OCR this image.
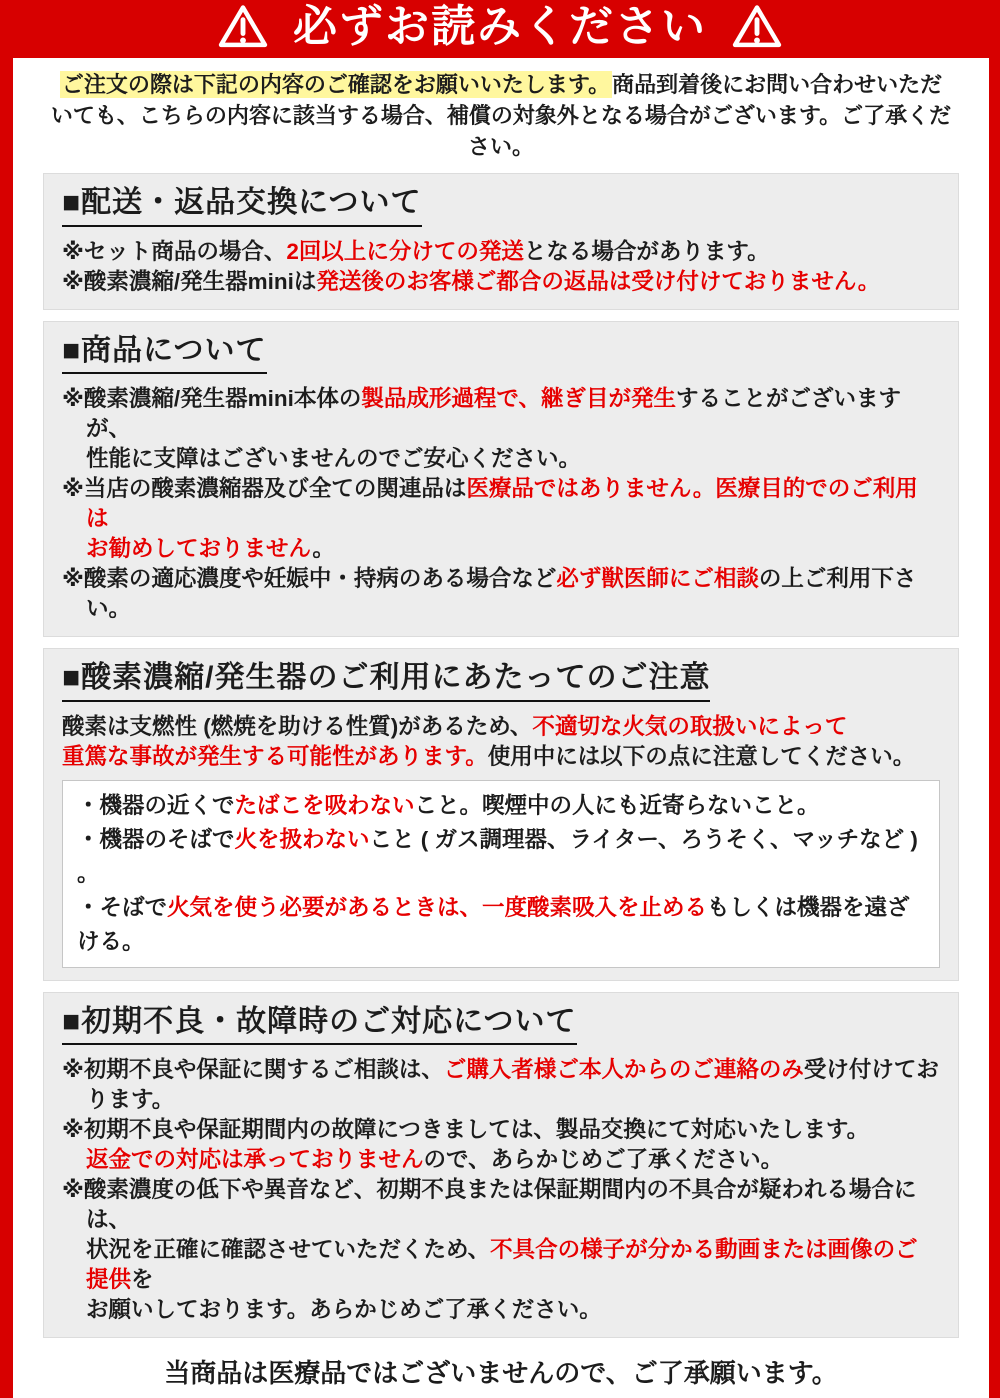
必ずお読みください
ご注文の際は下記の内容のご確認をお願いいたします。商品到着後にお問い合わせいただ
いても、こちらの内容に該当する場合、補償の対象外となる場合がございます。ご了承ください。
■配送・返品交換について

※セット商品の場合、2回以上に分けての発送となる場合があります。

※酸素濃縮/発生器miniは発送後のお客様ご都合の返品は受け付けておりません。

■商品について

※酸素濃縮/発生器mini本体の製品成形過程で、継ぎ目が発生することがございますが、

性能に支障はございませんのでご安心ください。

※当店の酸素濃縮器及び全ての関連品は医療品ではありません。医療目的でのご利用は

お勧めしておりません。

※酸素の適応濃度や妊娠中・持病のある場合など必ず獣医師にご相談の上ご利用下さい。

■酸素濃縮/発生器のご利用にあたってのご注意

酸素は支燃性 (燃焼を助ける性質)があるため、不適切な火気の取扱いによって

重篤な事故が発生する可能性があります。使用中には以下の点に注意してください。

・機器の近くでたばこを吸わないこと。喫煙中の人にも近寄らないこと。

・機器のそばで火を扱わないこと ( ガス調理器、ライター、ろうそく、マッチなど ) 。

・そばで火気を使う必要があるときは、一度酸素吸入を止めるもしくは機器を遠ざける。

■初期不良・故障時のご対応について

※初期不良や保証に関するご相談は、ご購入者様ご本人からのご連絡のみ受け付けております。

※初期不良や保証期間内の故障につきましては、製品交換にて対応いたします。

返金での対応は承っておりませんので、あらかじめご了承ください。

※酸素濃度の低下や異音など、初期不良または保証期間内の不具合が疑われる場合には、

状況を正確に確認させていただくため、不具合の様子が分かる動画または画像のご提供を

お願いしております。あらかじめご了承ください。

当商品は医療品ではございませんので、ご了承願います。
